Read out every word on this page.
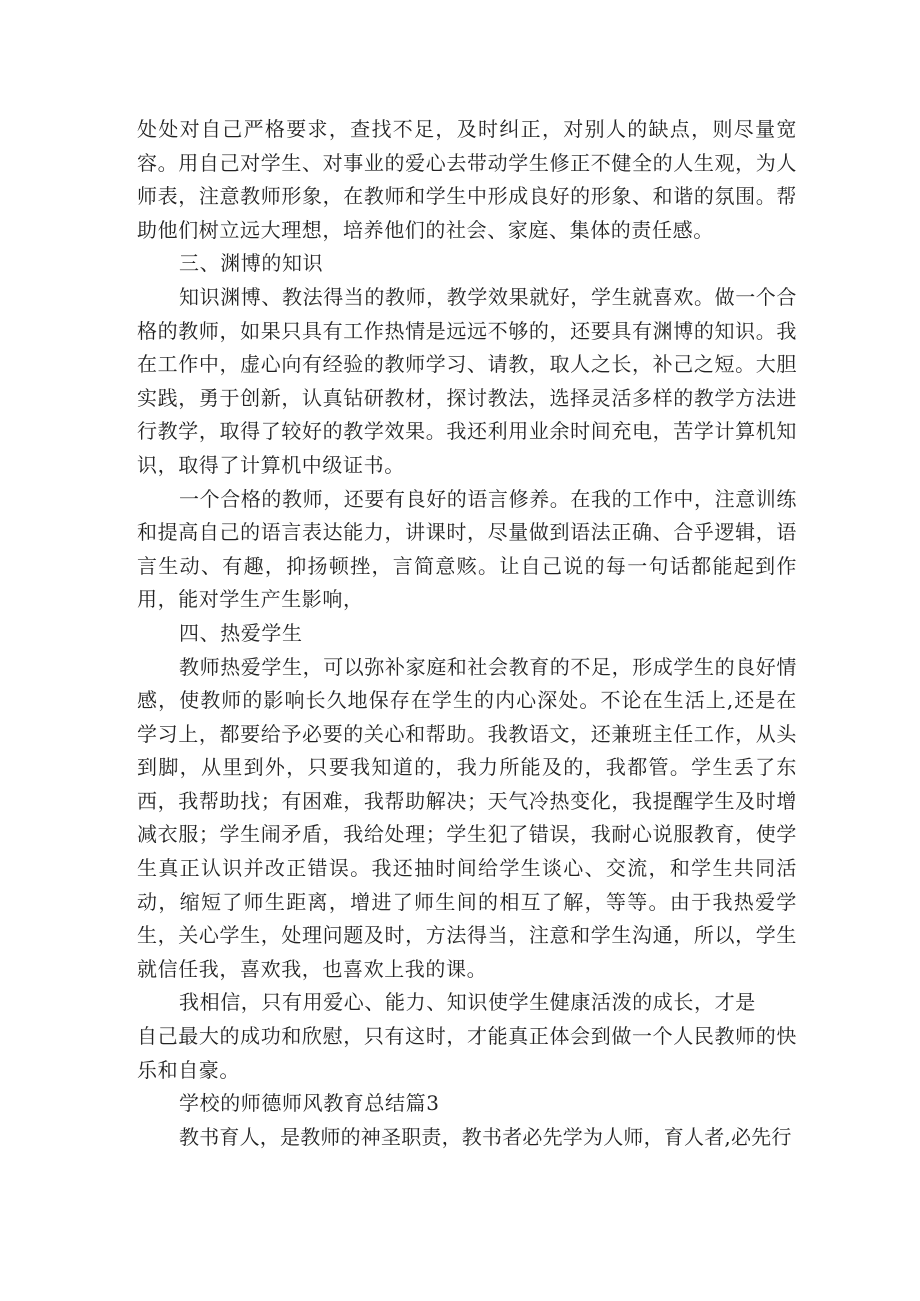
处处对自己严格要求，查找不足，及时纠正，对别人的缺点，则尽量宽容。用自己对学生、对事业的爱心去带动学生修正不健全的人生观，为人师表，注意教师形象，在教师和学生中形成良好的形象、和谐的氛围。帮助他们树立远大理想，培养他们的社会、家庭、集体的责任感。

三、渊博的知识

知识渊博、教法得当的教师，教学效果就好，学生就喜欢。做一个合格的教师，如果只具有工作热情是远远不够的，还要具有渊博的知识。我在工作中，虚心向有经验的教师学习、请教，取人之长，补己之短。大胆实践，勇于创新，认真钻研教材，探讨教法，选择灵活多样的教学方法进行教学，取得了较好的教学效果。我还利用业余时间充电，苦学计算机知识，取得了计算机中级证书。

一个合格的教师，还要有良好的语言修养。在我的工作中，注意训练和提高自己的语言表达能力，讲课时，尽量做到语法正确、合乎逻辑，语言生动、有趣，抑扬顿挫，言简意赅。让自己说的每一句话都能起到作用，能对学生产生影响，

四、热爱学生

教师热爱学生，可以弥补家庭和社会教育的不足，形成学生的良好情感，使教师的影响长久地保存在学生的内心深处。不论在生活上,还是在学习上，都要给予必要的关心和帮助。我教语文，还兼班主任工作，从头到脚，从里到外，只要我知道的，我力所能及的，我都管。学生丢了东西，我帮助找；有困难，我帮助解决；天气冷热变化，我提醒学生及时增减衣服；学生闹矛盾，我给处理；学生犯了错误，我耐心说服教育，使学生真正认识并改正错误。我还抽时间给学生谈心、交流，和学生共同活动，缩短了师生距离，增进了师生间的相互了解，等等。由于我热爱学生，关心学生，处理问题及时，方法得当，注意和学生沟通，所以，学生就信任我，喜欢我，也喜欢上我的课。

我相信，只有用爱心、能力、知识使学生健康活泼的成长，才是

自己最大的成功和欣慰，只有这时，才能真正体会到做一个人民教师的快乐和自豪。

学校的师德师风教育总结篇3

教书育人，是教师的神圣职责，教书者必先学为人师，育人者,必先行
